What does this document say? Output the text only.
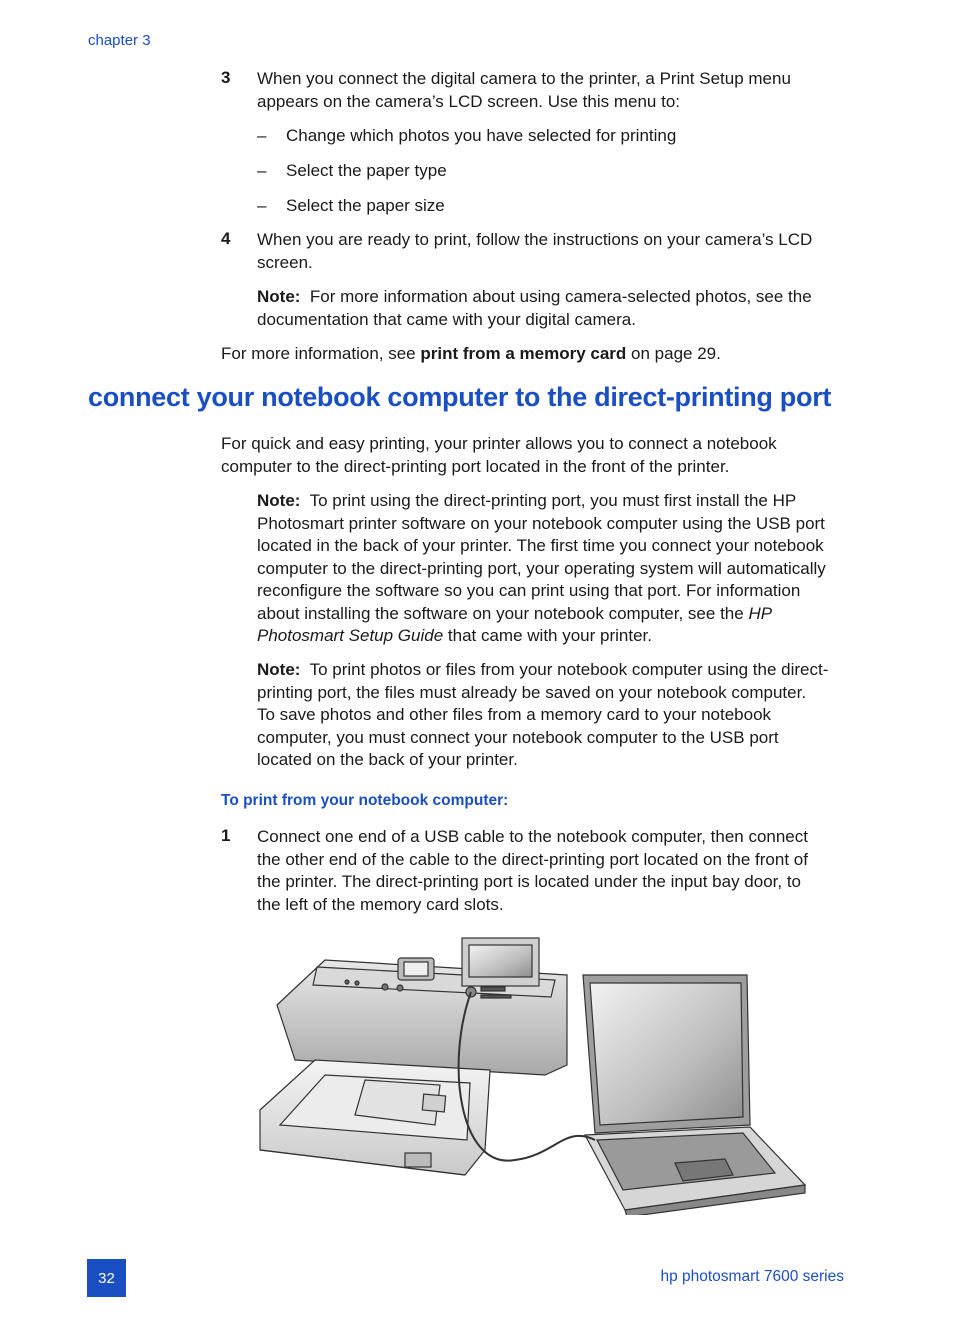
chapter 3
3 When you connect the digital camera to the printer, a Print Setup menu
appears on the camera’s LCD screen. Use this menu to:
– Change which photos you have selected for printing
– Select the paper type
– Select the paper size
4 When you are ready to print, follow the instructions on your camera’s LCD
screen.
Note: For more information about using camera-selected photos, see the
documentation that came with your digital camera.
For more information, see print from a memory card on page 29.
connect your notebook computer to the direct-printing port
For quick and easy printing, your printer allows you to connect a notebook
computer to the direct-printing port located in the front of the printer.
Note: To print using the direct-printing port, you must first install the HP
Photosmart printer software on your notebook computer using the USB port
located in the back of your printer. The first time you connect your notebook
computer to the direct-printing port, your operating system will automatically
reconfigure the software so you can print using that port. For information
about installing the software on your notebook computer, see the HP
Photosmart Setup Guide that came with your printer.
Note: To print photos or files from your notebook computer using the direct-
printing port, the files must already be saved on your notebook computer.
To save photos and other files from a memory card to your notebook
computer, you must connect your notebook computer to the USB port
located on the back of your printer.
To print from your notebook computer:
1 Connect one end of a USB cable to the notebook computer, then connect
the other end of the cable to the direct-printing port located on the front of
the printer. The direct-printing port is located under the input bay door, to
the left of the memory card slots.
32	hp photosmart 7600 series
